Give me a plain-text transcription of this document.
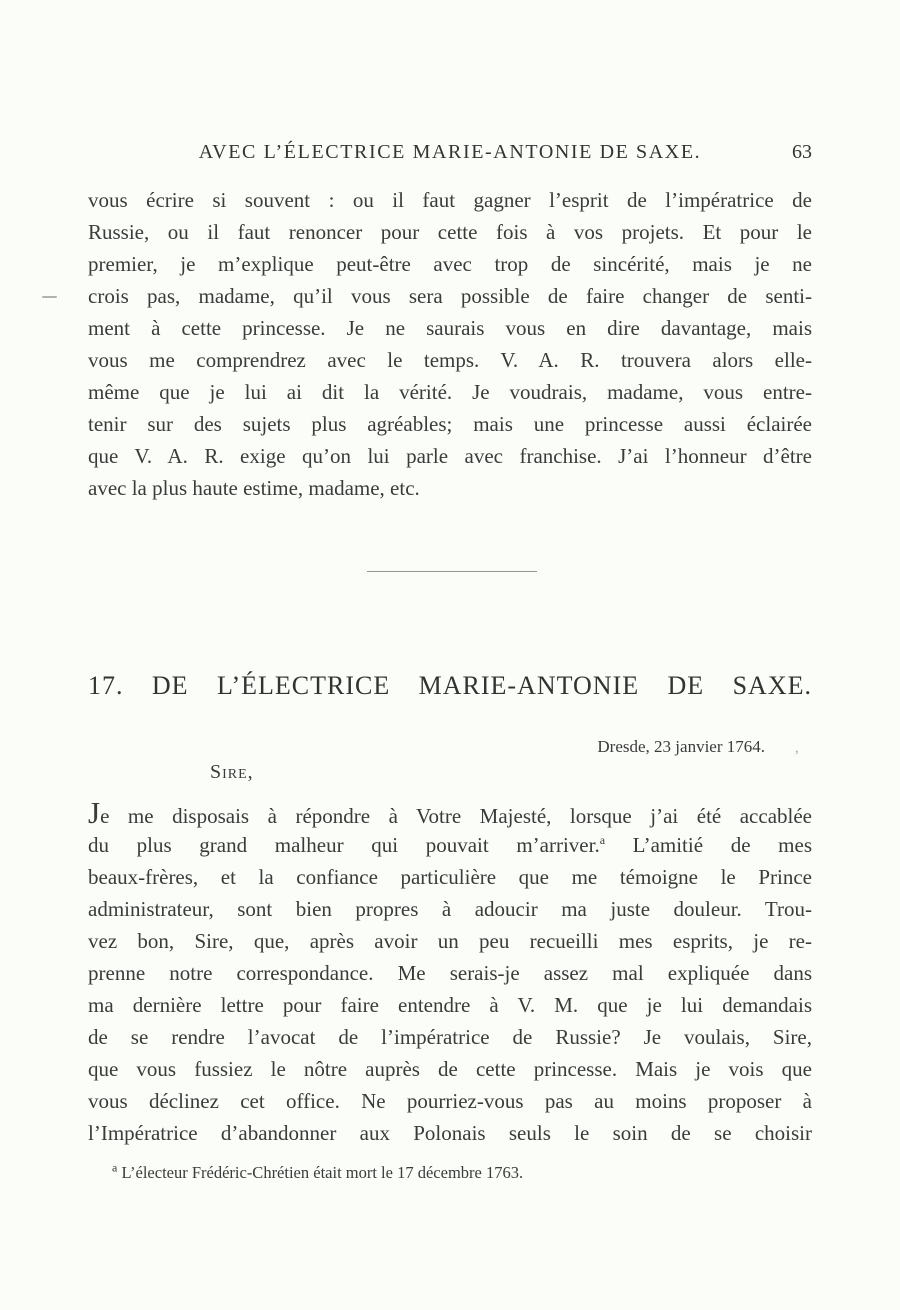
AVEC L’ÉLECTRICE MARIE-ANTONIE DE SAXE.	63
vous écrire si souvent : ou il faut gagner l’esprit de l’impératrice de
Russie, ou il faut renoncer pour cette fois à vos projets. Et pour le
premier, je m’explique peut-être avec trop de sincérité, mais je ne
crois pas, madame, qu’il vous sera possible de faire changer de senti-
ment à cette princesse. Je ne saurais vous en dire davantage, mais
vous me comprendrez avec le temps. V. A. R. trouvera alors elle-
même que je lui ai dit la vérité. Je voudrais, madame, vous entre-
tenir sur des sujets plus agréables; mais une princesse aussi éclairée
que V. A. R. exige qu’on lui parle avec franchise. J’ai l’honneur d’être
avec la plus haute estime, madame, etc.
17. DE L’ÉLECTRICE MARIE-ANTONIE DE SAXE.
Dresde, 23 janvier 1764. ,
Sire,
Je me disposais à répondre à Votre Majesté, lorsque j’ai été accablée
du plus grand malheur qui pouvait m’arriver.$^a$ L’amitié de mes
beaux-frères, et la confiance particulière que me témoigne le Prince
administrateur, sont bien propres à adoucir ma juste douleur. Trou-
vez bon, Sire, que, après avoir un peu recueilli mes esprits, je re-
prenne notre correspondance. Me serais-je assez mal expliquée dans
ma dernière lettre pour faire entendre à V. M. que je lui demandais
de se rendre l’avocat de l’impératrice de Russie? Je voulais, Sire,
que vous fussiez le nôtre auprès de cette princesse. Mais je vois que
vous déclinez cet office. Ne pourriez-vous pas au moins proposer à
l’Impératrice d’abandonner aux Polonais seuls le soin de se choisir
$^a$ L’électeur Frédéric-Chrétien était mort le 17 décembre 1763.
